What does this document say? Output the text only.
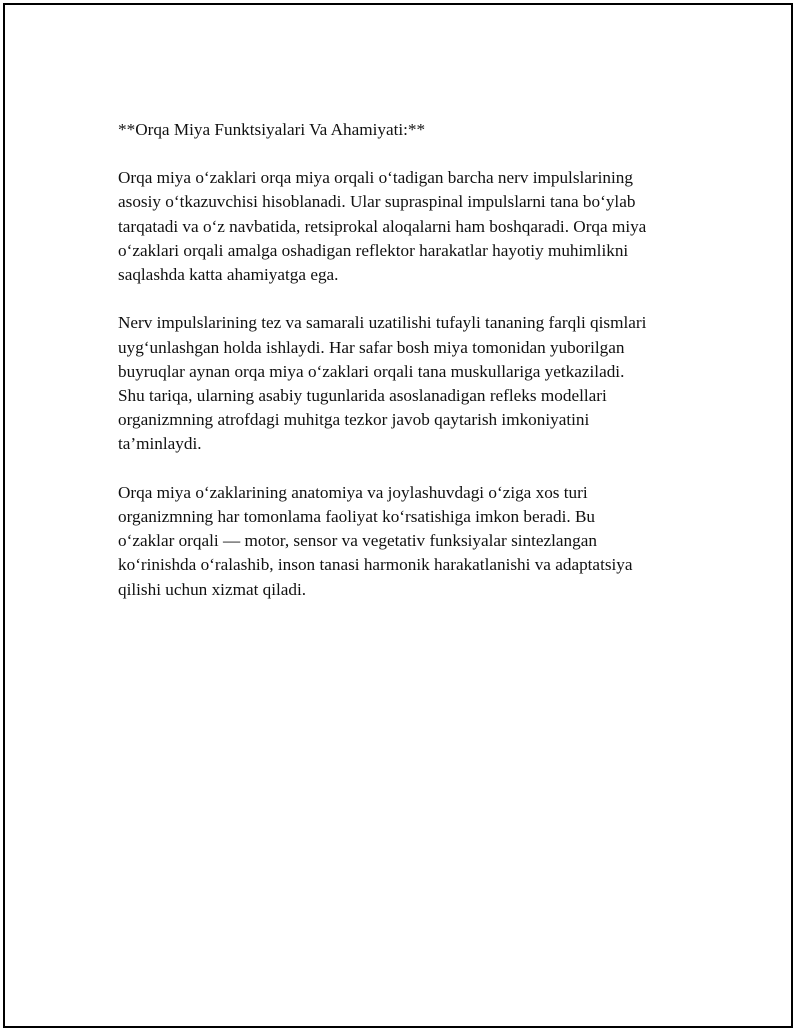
**Orqa Miya Funktsiyalari Va Ahamiyati:**
Orqa miya o‘zaklari orqa miya orqali o‘tadigan barcha nerv impulslarining
asosiy o‘tkazuvchisi hisoblanadi. Ular supraspinal impulslarni tana bo‘ylab
tarqatadi va o‘z navbatida, retsiprokal aloqalarni ham boshqaradi. Orqa miya
o‘zaklari orqali amalga oshadigan reflektor harakatlar hayotiy muhimlikni
saqlashda katta ahamiyatga ega.
Nerv impulslarining tez va samarali uzatilishi tufayli tananing farqli qismlari
uyg‘unlashgan holda ishlaydi. Har safar bosh miya tomonidan yuborilgan
buyruqlar aynan orqa miya o‘zaklari orqali tana muskullariga yetkaziladi.
Shu tariqa, ularning asabiy tugunlarida asoslanadigan refleks modellari
organizmning atrofdagi muhitga tezkor javob qaytarish imkoniyatini
ta’minlaydi.
Orqa miya o‘zaklarining anatomiya va joylashuvdagi o‘ziga xos turi
organizmning har tomonlama faoliyat ko‘rsatishiga imkon beradi. Bu
o‘zaklar orqali — motor, sensor va vegetativ funksiyalar sintezlangan
ko‘rinishda o‘ralashib, inson tanasi harmonik harakatlanishi va adaptatsiya
qilishi uchun xizmat qiladi.
